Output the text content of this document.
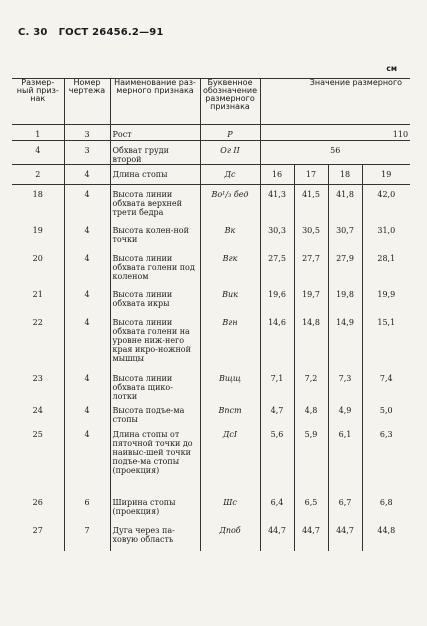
С. 30 ГОСТ 26456.2—91
см
Размер-ный приз-нак	Номер чертежа	Наименование раз-мерного признака	Буквенное обозначение размерного признака	Значение размерного			
1	3	Рост	Р	110			
4	3	Обхват груди второй	Ог II	56			
2	4	Длина стопы	Дс	16	17	18	19
18	4	Высота линии обхвата верхней трети бедра	Во¹/₃ бед	41,3	41,5	41,8	42,0
19	4	Высота колен-ной точки	Вк	30,3	30,5	30,7	31,0
20	4	Высота линии обхвата голени под коленом	Вгк	27,5	27,7	27,9	28,1
21	4	Высота линии обхвата икры	Вик	19,6	19,7	19,8	19,9
22	4	Высота линии обхвата голени на уровне ниж-него края икро-ножной мышцы	Вгн	14,6	14,8	14,9	15,1
23	4	Высота линии обхвата щико-лотки	Вщщ	7,1	7,2	7,3	7,4
24	4	Высота подъе-ма стопы	Впст	4,7	4,8	4,9	5,0
25	4	Длина стопы от пяточной точки до наивыс-шей точки подъе-ма стопы (проекция)	ДсI	5,6	5,9	6,1	6,3
26	6	Ширина стопы (проекция)	Шс	6,4	6,5	6,7	6,8
27	7	Дуга через па-ховую область	Дпоб	44,7	44,7	44,7	44,8
